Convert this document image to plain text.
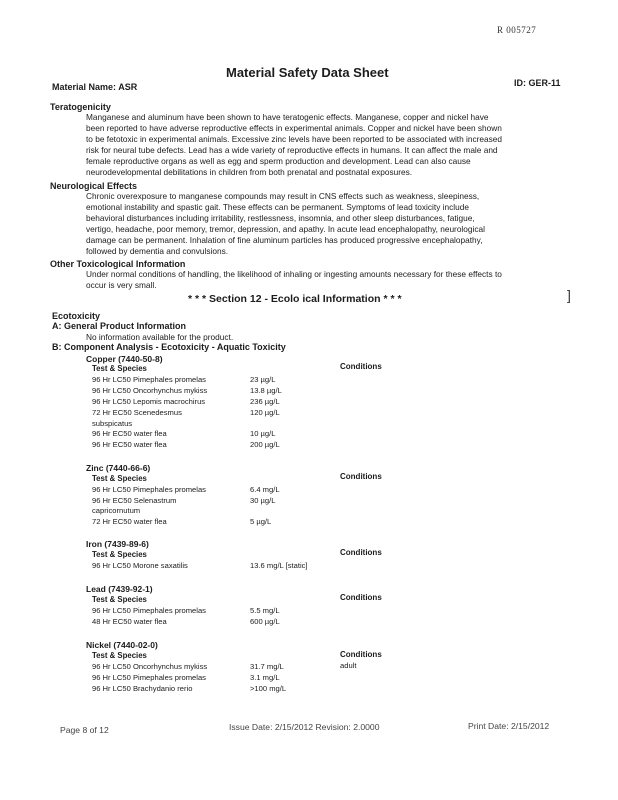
R 005727
Material Safety Data Sheet
Material Name: ASR	ID: GER-11
Teratogenicity
Manganese and aluminum have been shown to have teratogenic effects. Manganese, copper and nickel have
been reported to have adverse reproductive effects in experimental animals. Copper and nickel have been shown
to be fetotoxic in experimental animals. Excessive zinc levels have been reported to be associated with increased
risk for neural tube defects. Lead has a wide variety of reproductive effects in humans. It can affect the male and
female reproductive organs as well as egg and sperm production and development. Lead can also cause
neurodevelopmental debilitations in children from both prenatal and postnatal exposures.
Neurological Effects
Chronic overexposure to manganese compounds may result in CNS effects such as weakness, sleepiness,
emotional instability and spastic gait. These effects can be permanent. Symptoms of lead toxicity include
behavioral disturbances including irritability, restlessness, insomnia, and other sleep disturbances, fatigue,
vertigo, headache, poor memory, tremor, depression, and apathy. In acute lead encephalopathy, neurological
damage can be permanent. Inhalation of fine aluminum particles has produced progressive encephalopathy,
followed by dementia and convulsions.
Other Toxicological Information
Under normal conditions of handling, the likelihood of inhaling or ingesting amounts necessary for these effects to
occur is very small.
* * * Section 12 - Ecolo ical Information * * *	]
Ecotoxicity
A: General Product Information
No information available for the product.
B: Component Analysis - Ecotoxicity - Aquatic Toxicity
Copper (7440-50-8)
Test & Species	Conditions
96 Hr LC50 Pimephales promelas	23 µg/L
96 Hr LC50 Oncorhynchus mykiss	13.8 µg/L
96 Hr LC50 Lepomis macrochirus	236 µg/L
72 Hr EC50 Scenedesmus	120 µg/L
subspicatus
96 Hr EC50 water flea	10 µg/L
96 Hr EC50 water flea	200 µg/L
Zinc (7440-66-6)
Test & Species	Conditions
96 Hr LC50 Pimephales promelas	6.4 mg/L
96 Hr EC50 Selenastrum	30 µg/L
capricornutum
72 Hr EC50 water flea	5 µg/L
Iron (7439-89-6)
Test & Species	Conditions
96 Hr LC50 Morone saxatilis	13.6 mg/L [static]
Lead (7439-92-1)
Test & Species	Conditions
96 Hr LC50 Pimephales promelas	5.5 mg/L
48 Hr EC50 water flea	600 µg/L
Nickel (7440-02-0)
Test & Species	Conditions
96 Hr LC50 Oncorhynchus mykiss	31.7 mg/L	adult
96 Hr LC50 Pimephales promelas	3.1 mg/L
96 Hr LC50 Brachydanio rerio	>100 mg/L
Page 8 of 12	Issue Date: 2/15/2012 Revision: 2.0000	Print Date: 2/15/2012
